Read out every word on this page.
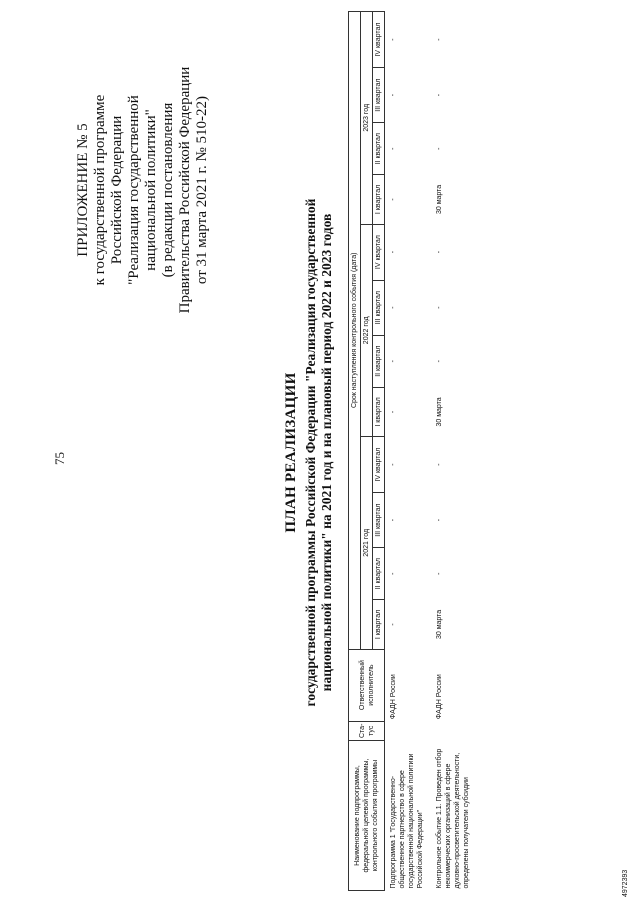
75
ПРИЛОЖЕНИЕ № 5 к государственной программе Российской Федерации "Реализация государственной национальной политики" (в редакции постановления Правительства Российской Федерации от 31 марта 2021 г. № 510-22)
ПЛАН РЕАЛИЗАЦИИ государственной программы Российской Федерации "Реализация государственной национальной политики" на 2021 год и на плановый период 2022 и 2023 годов
Наименование подпрограммы, федеральной целевой программы, контрольного события программы	Ста-тус	Ответственный исполнитель	Срок наступления контрольного события (дата)											
			2021 год				2022 год				2023 год			
			I квартал	II квартал	III квартал	IV квартал	I квартал	II квартал	III квартал	IV квартал	I квартал	II квартал	III квартал	IV квартал
Подпрограмма 1 "Государственно-общественное партнерство в сфере государственной национальной политики Российской Федерации"		ФАДН России	-	-	-	-	-	-	-	-	-	-	-	-
Контрольное событие 1.1. Проведен отбор некоммерческих организаций в сфере духовно-просветительской деятельности, определены получатели субсидии		ФАДН России	30 марта	-	-	-	30 марта	-	-	-	30 марта	-	-	-
4972393
